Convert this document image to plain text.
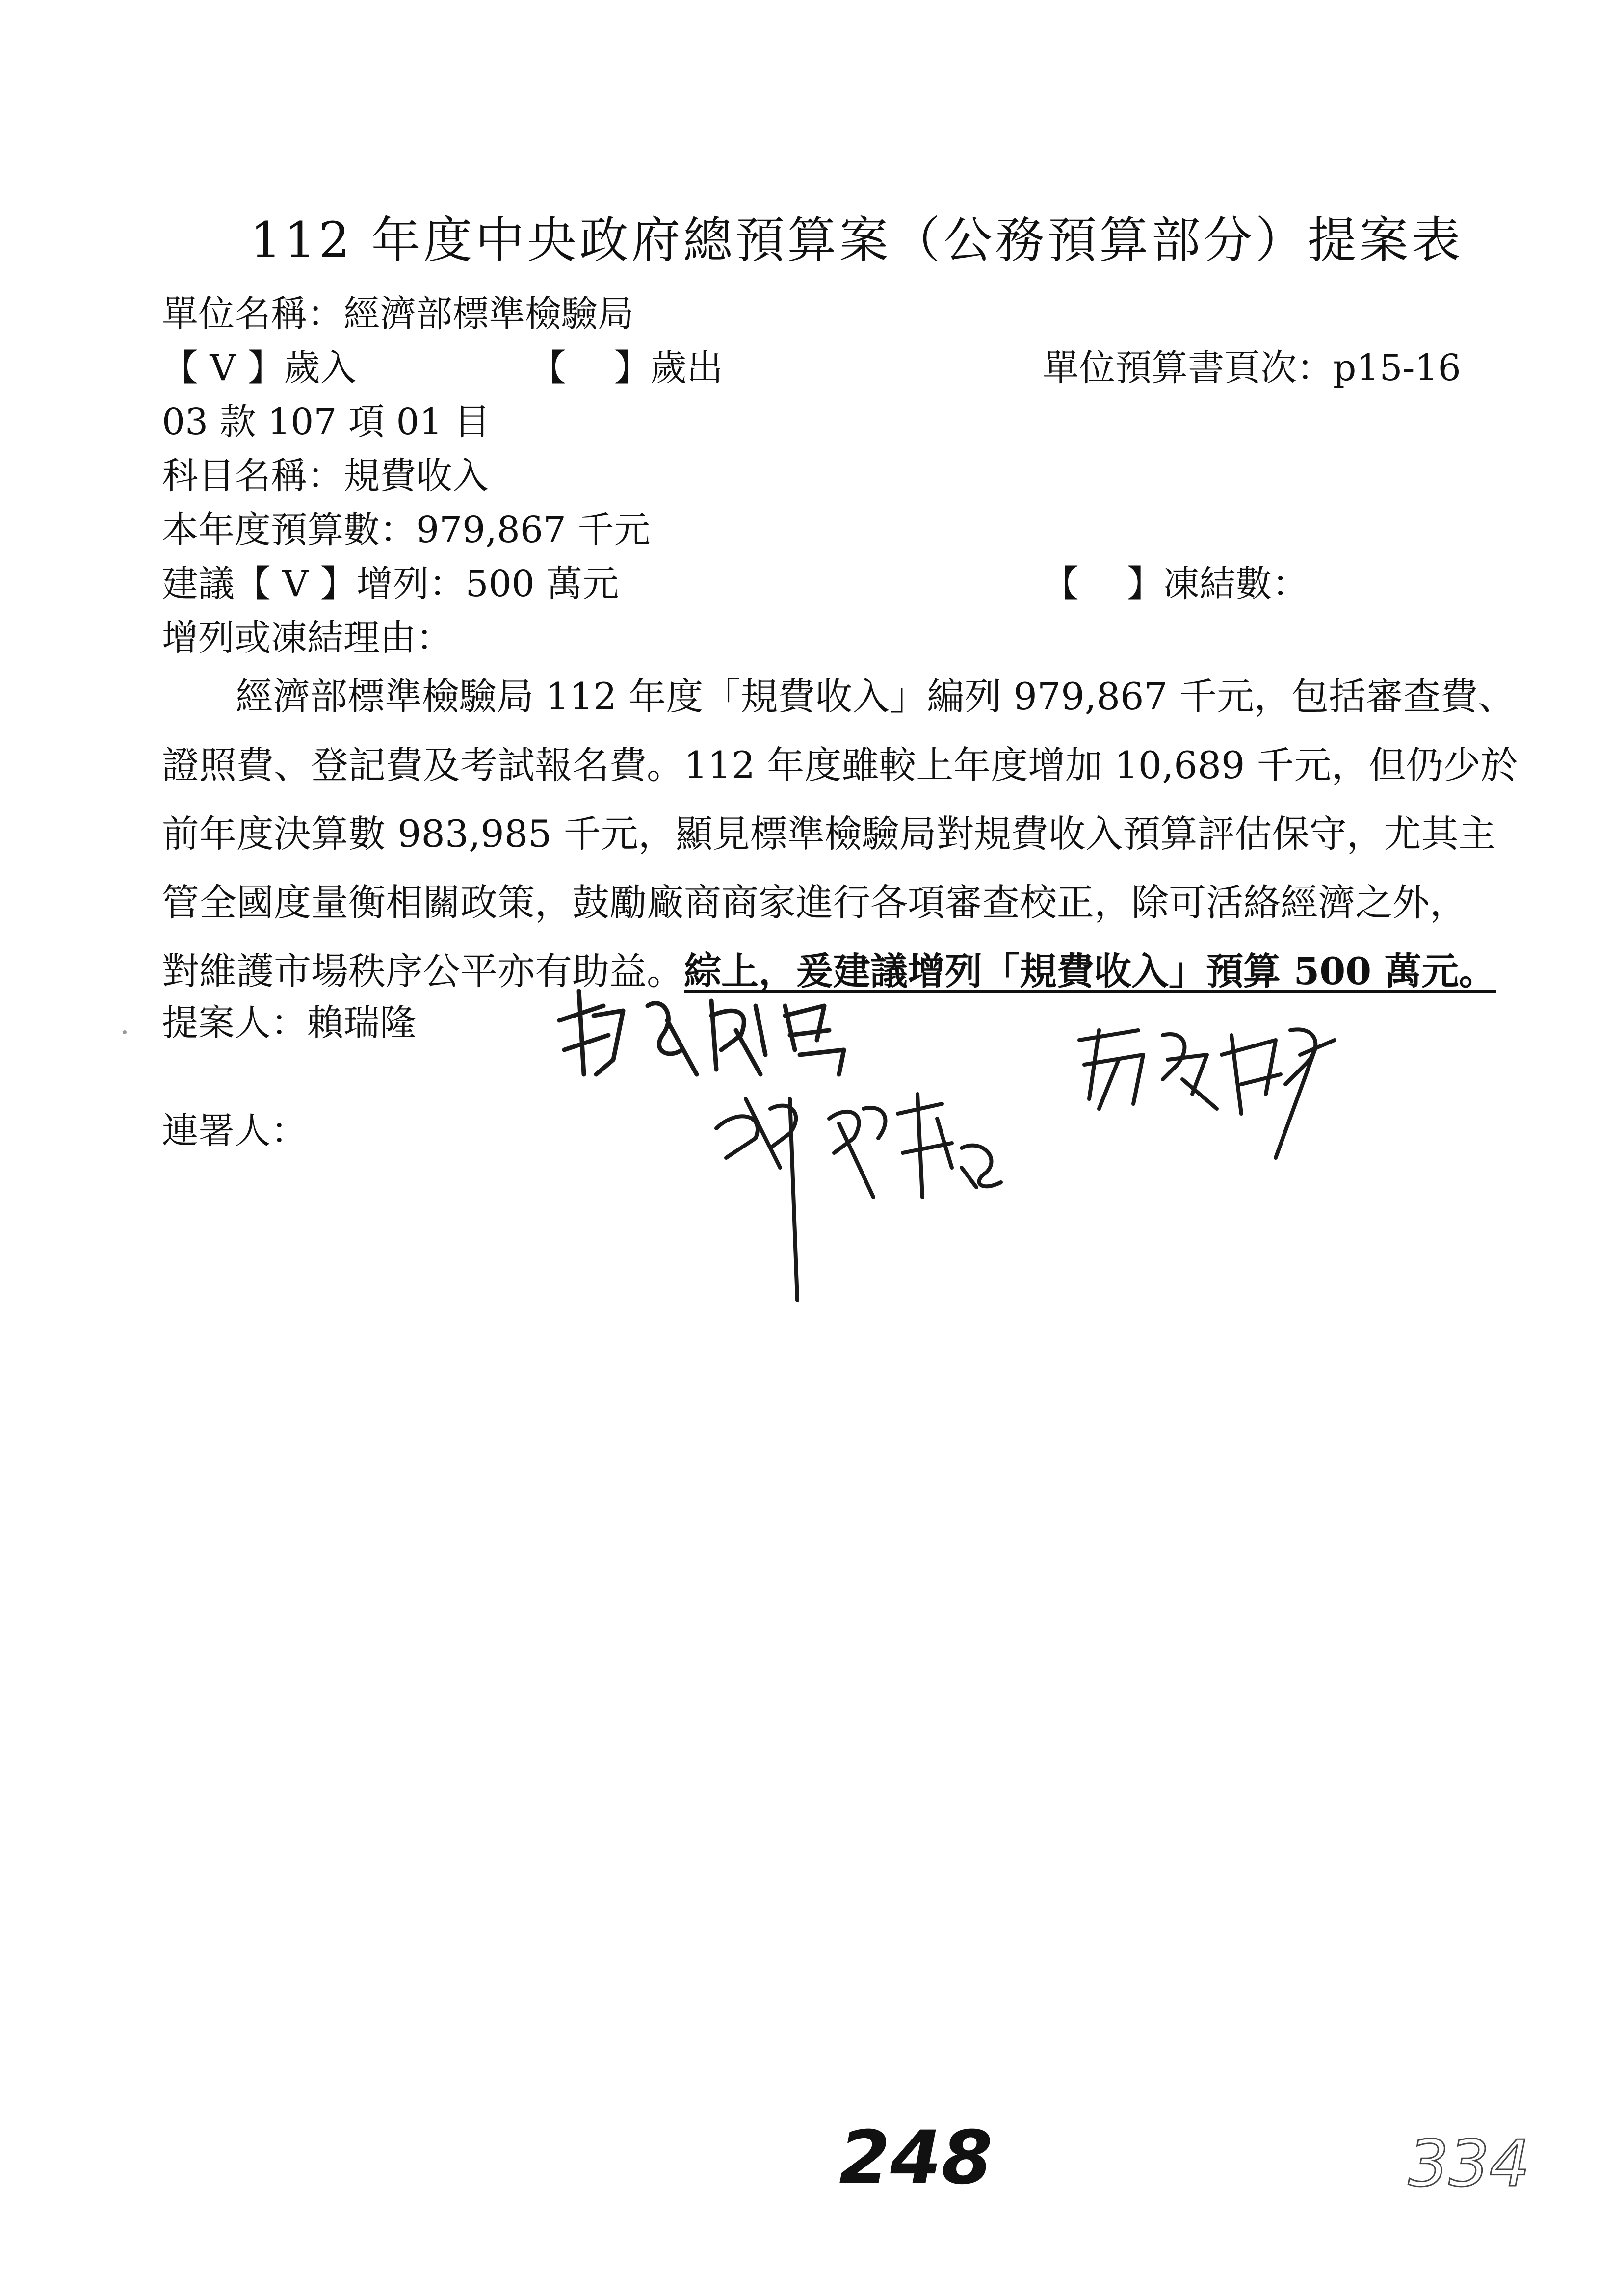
112 年度中央政府總預算案（公務預算部分）提案表
單位名稱：經濟部標準檢驗局
【 V 】歲入	【　 】歲出	單位預算書頁次：p15-16
03 款 107 項 01 目
科目名稱：規費收入
本年度預算數：979,867 千元
建議【 V 】增列：500 萬元	【　 】凍結數：
增列或凍結理由：
經濟部標準檢驗局 112 年度「規費收入」編列 979,867 千元，包括審查費、
證照費、登記費及考試報名費。112 年度雖較上年度增加 10,689 千元，但仍少於
前年度決算數 983,985 千元，顯見標準檢驗局對規費收入預算評估保守，尤其主
管全國度量衡相關政策，鼓勵廠商商家進行各項審查校正，除可活絡經濟之外，
對維護市場秩序公平亦有助益。綜上，爰建議增列「規費收入」預算 500 萬元。
提案人：賴瑞隆
連署人：
248	334
